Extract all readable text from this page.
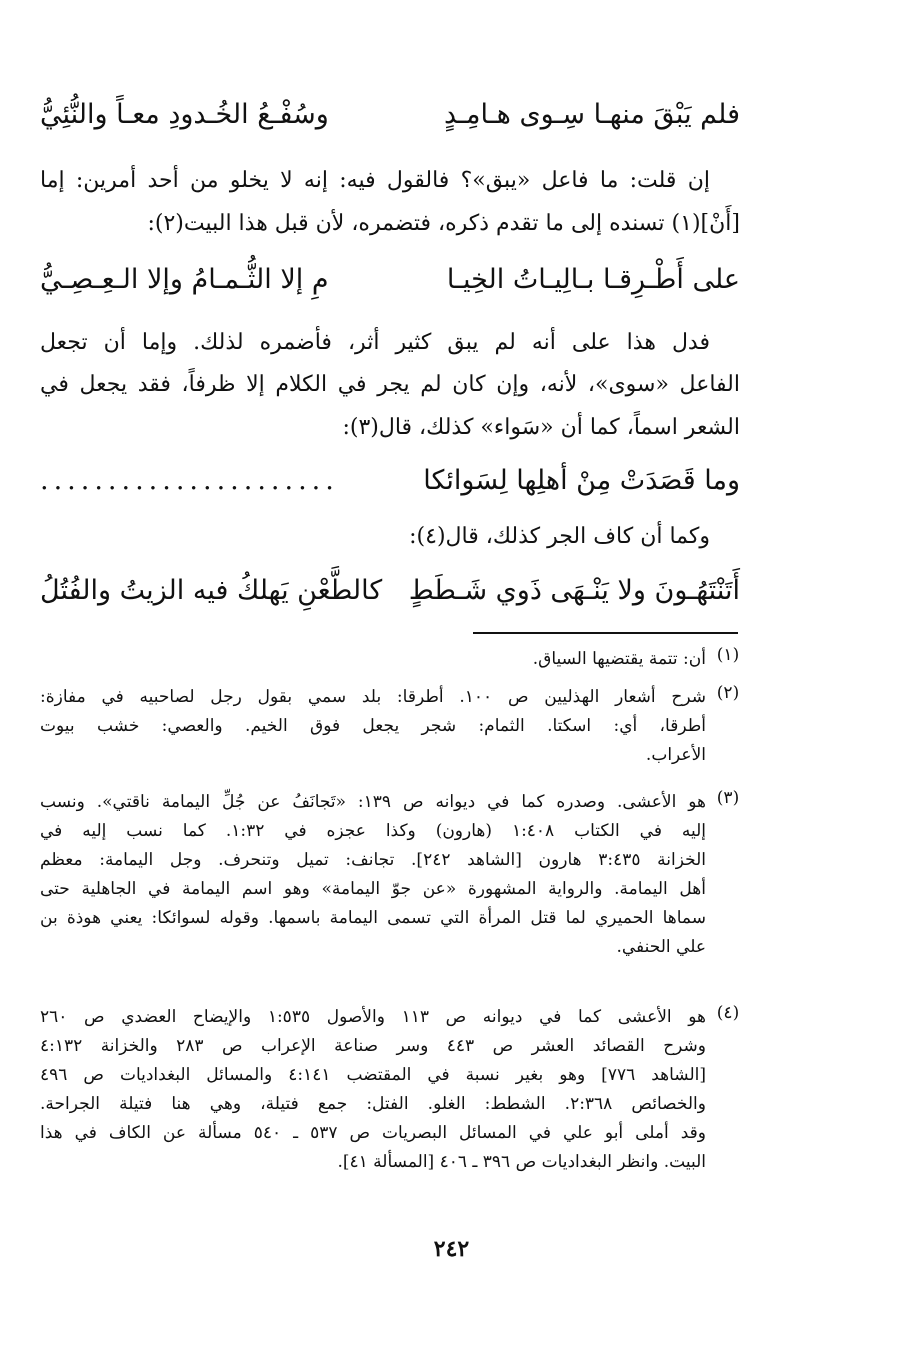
فلم يَبْقَ منهـا سِـوى هـامِـدٍ
وسُفْـعُ الخُـدودِ معـاً والنُّئِيُّ
إن قلت: ما فاعل «يبق»؟ فالقول فيه: إنه لا يخلو من أحد أمرين: إما
[أَنْ](١) تسنده إلى ما تقدم ذكره، فتضمره، لأن قبل هذا البيت(٢):
على أَطْـرِقـا بـالِيـاتُ الخِيـا
مِ إلا الثُّـمـامُ وإلا الـعِـصِـيُّ
فدل هذا على أنه لم يبق كثير أثر، فأضمره لذلك. وإما أن تجعل
الفاعل «سوى»، لأنه، وإن كان لم يجر في الكلام إلا ظرفاً، فقد يجعل في
الشعر اسماً، كما أن «سَواء» كذلك، قال(٣):
وما قَصَدَتْ مِنْ أهلِها لِسَوائكا
......................
وكما أن كاف الجر كذلك، قال(٤):
أَتَنْتَهُـونَ ولا يَنْـهَى ذَوي شَـطَطٍ
كالطَّعْنِ يَهلكُ فيه الزيتُ والفُتُلُ
(١)
أن: تتمة يقتضيها السياق.
(٢)
شرح أشعار الهذليين ص ١٠٠. أطرقا: بلد سمي بقول رجل لصاحبيه في مفازة:
أطرقا، أي: اسكتا. الثمام: شجر يجعل فوق الخيم. والعصي: خشب بيوت
الأعراب.
(٣)
هو الأعشى. وصدره كما في ديوانه ص ١٣٩: «تَجانَفُ عن جُلِّ اليمامة ناقتي». ونسب
إليه في الكتاب ١:٤٠٨ (هارون) وكذا عجزه في ١:٣٢. كما نسب إليه في
الخزانة ٣:٤٣٥ هارون [الشاهد ٢٤٢]. تجانف: تميل وتنحرف. وجل اليمامة: معظم
أهل اليمامة. والرواية المشهورة «عن جوّ اليمامة» وهو اسم اليمامة في الجاهلية حتى
سماها الحميري لما قتل المرأة التي تسمى اليمامة باسمها. وقوله لسوائكا: يعني هوذة بن
علي الحنفي.
(٤)
هو الأعشى كما في ديوانه ص ١١٣ والأصول ١:٥٣٥ والإيضاح العضدي ص ٢٦٠
وشرح القصائد العشر ص ٤٤٣ وسر صناعة الإعراب ص ٢٨٣ والخزانة ٤:١٣٢
[الشاهد ٧٧٦] وهو بغير نسبة في المقتضب ٤:١٤١ والمسائل البغداديات ص ٤٩٦
والخصائص ٢:٣٦٨. الشطط: الغلو. الفتل: جمع فتيلة، وهي هنا فتيلة الجراحة.
وقد أملى أبو علي في المسائل البصريات ص ٥٣٧ ـ ٥٤٠ مسألة عن الكاف في هذا
البيت. وانظر البغداديات ص ٣٩٦ ـ ٤٠٦ [المسألة ٤١].
٢٤٢
